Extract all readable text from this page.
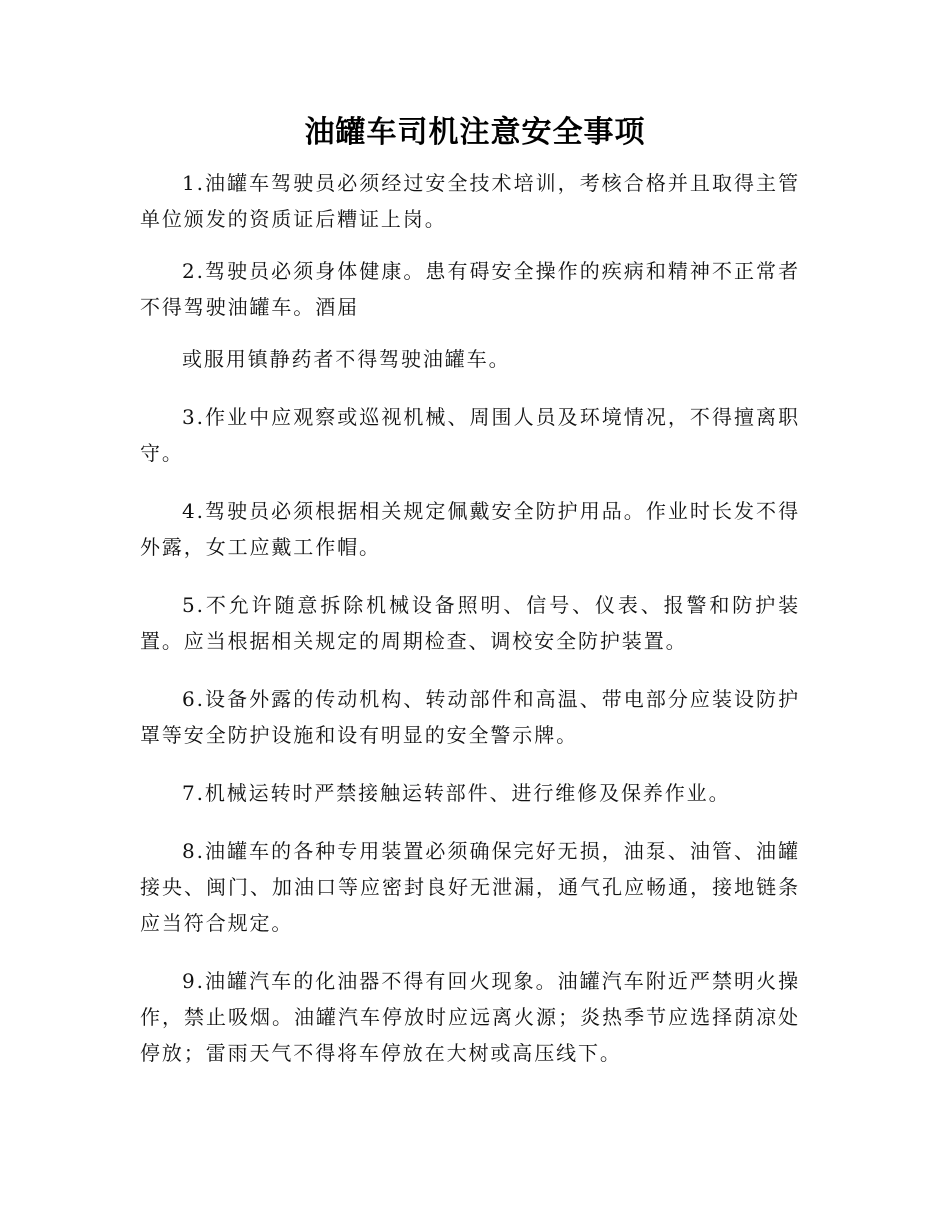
油罐车司机注意安全事项

1.油罐车驾驶员必须经过安全技术培训，考核合格并且取得主管单位颁发的资质证后糟证上岗。

2.驾驶员必须身体健康。患有碍安全操作的疾病和精神不正常者不得驾驶油罐车。酒届

或服用镇静药者不得驾驶油罐车。

3.作业中应观察或巡视机械、周围人员及环境情况，不得擅离职守。

4.驾驶员必须根据相关规定佩戴安全防护用品。作业时长发不得外露，女工应戴工作帽。

5.不允许随意拆除机械设备照明、信号、仪表、报警和防护装置。应当根据相关规定的周期检查、调校安全防护装置。

6.设备外露的传动机构、转动部件和高温、带电部分应装设防护罩等安全防护设施和设有明显的安全警示牌。

7.机械运转时严禁接触运转部件、进行维修及保养作业。

8.油罐车的各种专用装置必须确保完好无损，油泵、油管、油罐接央、闽门、加油口等应密封良好无泄漏，通气孔应畅通，接地链条应当符合规定。

9.油罐汽车的化油器不得有回火现象。油罐汽车附近严禁明火操作，禁止吸烟。油罐汽车停放时应远离火源；炎热季节应选择荫凉处停放；雷雨天气不得将车停放在大树或高压线下。
